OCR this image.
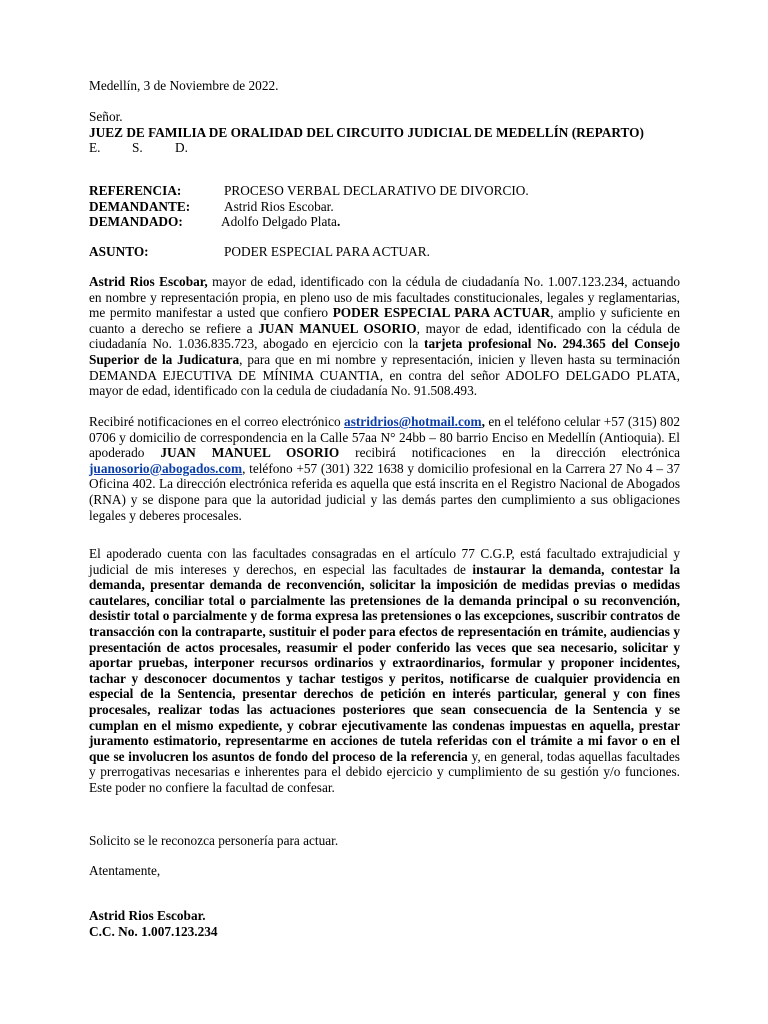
Medellín, 3 de Noviembre de 2022.

Señor.
JUEZ DE FAMILIA DE ORALIDAD DEL CIRCUITO JUDICIAL DE MEDELLÍN (REPARTO)
E. S. D.
REFERENCIA:	PROCESO VERBAL DECLARATIVO DE DIVORCIO.
DEMANDANTE:	Astrid Rios Escobar.
DEMANDADO:	Adolfo Delgado Plata.
ASUNTO:	PODER ESPECIAL PARA ACTUAR.

Astrid Rios Escobar, mayor de edad, identificado con la cédula de ciudadanía No. 1.007.123.234, actuando en nombre y representación propia, en pleno uso de mis facultades constitucionales, legales y reglamentarias, me permito manifestar a usted que confiero PODER ESPECIAL PARA ACTUAR, amplio y suficiente en cuanto a derecho se refiere a JUAN MANUEL OSORIO, mayor de edad, identificado con la cédula de ciudadanía No. 1.036.835.723, abogado en ejercicio con la tarjeta profesional No. 294.365 del Consejo Superior de la Judicatura, para que en mi nombre y representación, inicien y lleven hasta su terminación DEMANDA EJECUTIVA DE MÍNIMA CUANTIA, en contra del señor ADOLFO DELGADO PLATA, mayor de edad, identificado con la cedula de ciudadanía No. 91.508.493.

Recibiré notificaciones en el correo electrónico astridrios@hotmail.com, en el teléfono celular +57 (315) 802 0706 y domicilio de correspondencia en la Calle 57aa N° 24bb – 80 barrio Enciso en Medellín (Antioquia). El apoderado JUAN MANUEL OSORIO recibirá notificaciones en la dirección electrónica juanosorio@abogados.com, teléfono +57 (301) 322 1638 y domicilio profesional en la Carrera 27 No 4 – 37 Oficina 402. La dirección electrónica referida es aquella que está inscrita en el Registro Nacional de Abogados (RNA) y se dispone para que la autoridad judicial y las demás partes den cumplimiento a sus obligaciones legales y deberes procesales.

El apoderado cuenta con las facultades consagradas en el artículo 77 C.G.P, está facultado extrajudicial y judicial de mis intereses y derechos, en especial las facultades de instaurar la demanda, contestar la demanda, presentar demanda de reconvención, solicitar la imposición de medidas previas o medidas cautelares, conciliar total o parcialmente las pretensiones de la demanda principal o su reconvención, desistir total o parcialmente y de forma expresa las pretensiones o las excepciones, suscribir contratos de transacción con la contraparte, sustituir el poder para efectos de representación en trámite, audiencias y presentación de actos procesales, reasumir el poder conferido las veces que sea necesario, solicitar y aportar pruebas, interponer recursos ordinarios y extraordinarios, formular y proponer incidentes, tachar y desconocer documentos y tachar testigos y peritos, notificarse de cualquier providencia en especial de la Sentencia, presentar derechos de petición en interés particular, general y con fines procesales, realizar todas las actuaciones posteriores que sean consecuencia de la Sentencia y se cumplan en el mismo expediente, y cobrar ejecutivamente las condenas impuestas en aquella, prestar juramento estimatorio, representarme en acciones de tutela referidas con el trámite a mi favor o en el que se involucren los asuntos de fondo del proceso de la referencia y, en general, todas aquellas facultades y prerrogativas necesarias e inherentes para el debido ejercicio y cumplimiento de su gestión y/o funciones. Este poder no confiere la facultad de confesar.

Solicito se le reconozca personería para actuar.

Atentamente,

Astrid Rios Escobar.
C.C. No. 1.007.123.234
